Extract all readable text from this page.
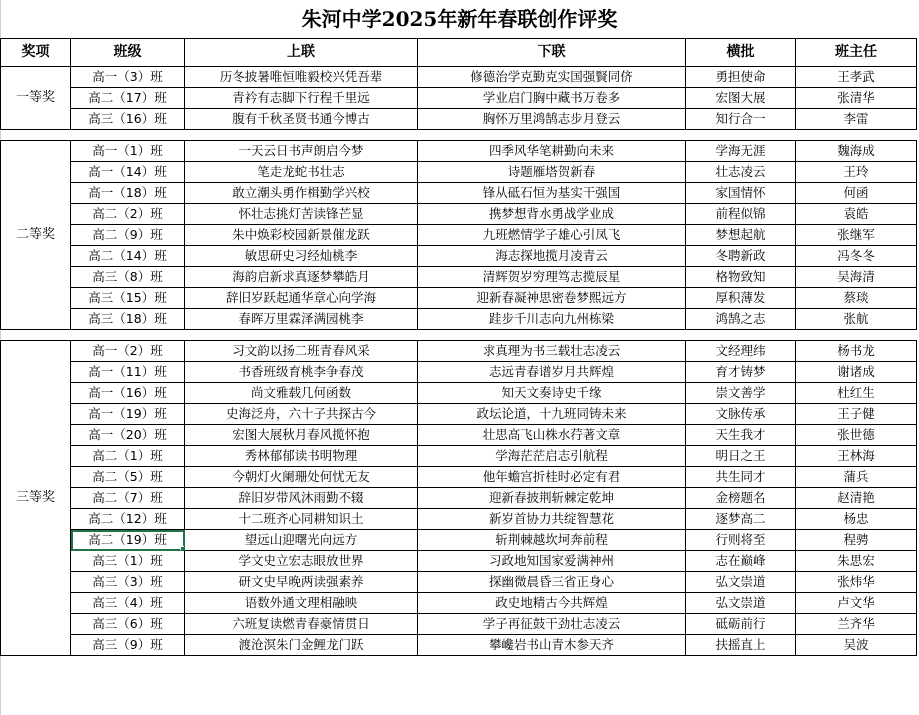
朱河中学2025年新年春联创作评奖
奖项	班级	上联	下联	横批	班主任
一等奖	高一（3）班	历冬披暑唯恒唯毅校兴凭吾辈	修德治学克勤克实国强賢同侪	勇担使命	王孝武
	高二（17）班	青衿有志脚下行程千里远	学业启门胸中藏书万卷多	宏图大展	张清华
	高三（16）班	腹有千秋圣贤书通今博古	胸怀万里鸿鹄志步月登云	知行合一	李雷

二等奖	高一（1）班	一天云日书声朗启今梦	四季风华笔耕勤向未来	学海无涯	魏海成
	高一（14）班	笔走龙蛇书壮志	诗题雁塔贺新春	壮志凌云	王玲
	高一（18）班	敢立潮头勇作楫勤学兴校	锋从砥石恒为基实干强国	家国情怀	何函
	高二（2）班	怀壮志挑灯苦读锋芒显	携梦想背水勇战学业成	前程似锦	袁皓
	高二（9）班	朱中焕彩校园新景催龙跃	九班燃情学子雄心引凤飞	梦想起航	张继军
	高二（14）班	敏思研史习经灿桃李	海志探地揽月凌青云	冬聘新政	冯冬冬
	高三（8）班	海韵启新求真逐梦攀皓月	清辉贺岁穷理笃志揽辰星	格物致知	吴海清
	高三（15）班	辞旧岁跃起通华章心向学海	迎新春凝神思密卷梦熙远方	厚积薄发	蔡琰
	高三（18）班	春晖万里霖泽满园桃李	跬步千川志向九州栋梁	鸿鹄之志	张航

三等奖	高一（2）班	习文韵以扬二班青春风采	求真理为书三载壮志凌云	文经理纬	杨书龙
	高一（11）班	书香班级育桃李争春茂	志远青春谱岁月共辉煌	育才铸梦	谢诸成
	高一（16）班	尚文雅载几何函数	知天文奏诗史千缘	崇文善学	杜红生
	高一（19）班	史海泛舟，六十子共探古今	政坛论道，十九班同铸未来	文脉传承	王子健
	高一（20）班	宏图大展秋月春风揽怀抱	壮思高飞山株水荇著文章	天生我才	张世德
	高二（1）班	秀林郁郁读书明物理	学海茫茫启志引航程	明日之王	王林海
	高二（5）班	今朝灯火阑珊处何忧无友	他年蟾宫折桂时必定有君	共生同才	蒲兵
	高二（7）班	辞旧岁带风沐雨勤不辍	迎新春披荆斩棘定乾坤	金榜题名	赵清艳
	高二（12）班	十二班齐心同耕知识土	新岁首协力共绽智慧花	逐梦高二	杨忠
	高二（19）班	望远山迎曙光向远方	斩荆棘越坎坷奔前程	行则将至	程骋
	高三（1）班	学文史立宏志眼放世界	习政地知国家爱满神州	志在巅峰	朱思宏
	高三（3）班	研文史早晚两读强素养	探幽微晨昏三省正身心	弘文崇道	张炜华
	高三（4）班	语数外通文理相融映	政史地精古今共辉煌	弘文崇道	卢文华
	高三（6）班	六班复读燃青春豪情贯日	学子再征鼓干劲壮志凌云	砥砺前行	兰齐华
	高三（9）班	渡沧溟朱门金鲤龙门跃	攀巉岩书山青木参天齐	扶摇直上	吴波
